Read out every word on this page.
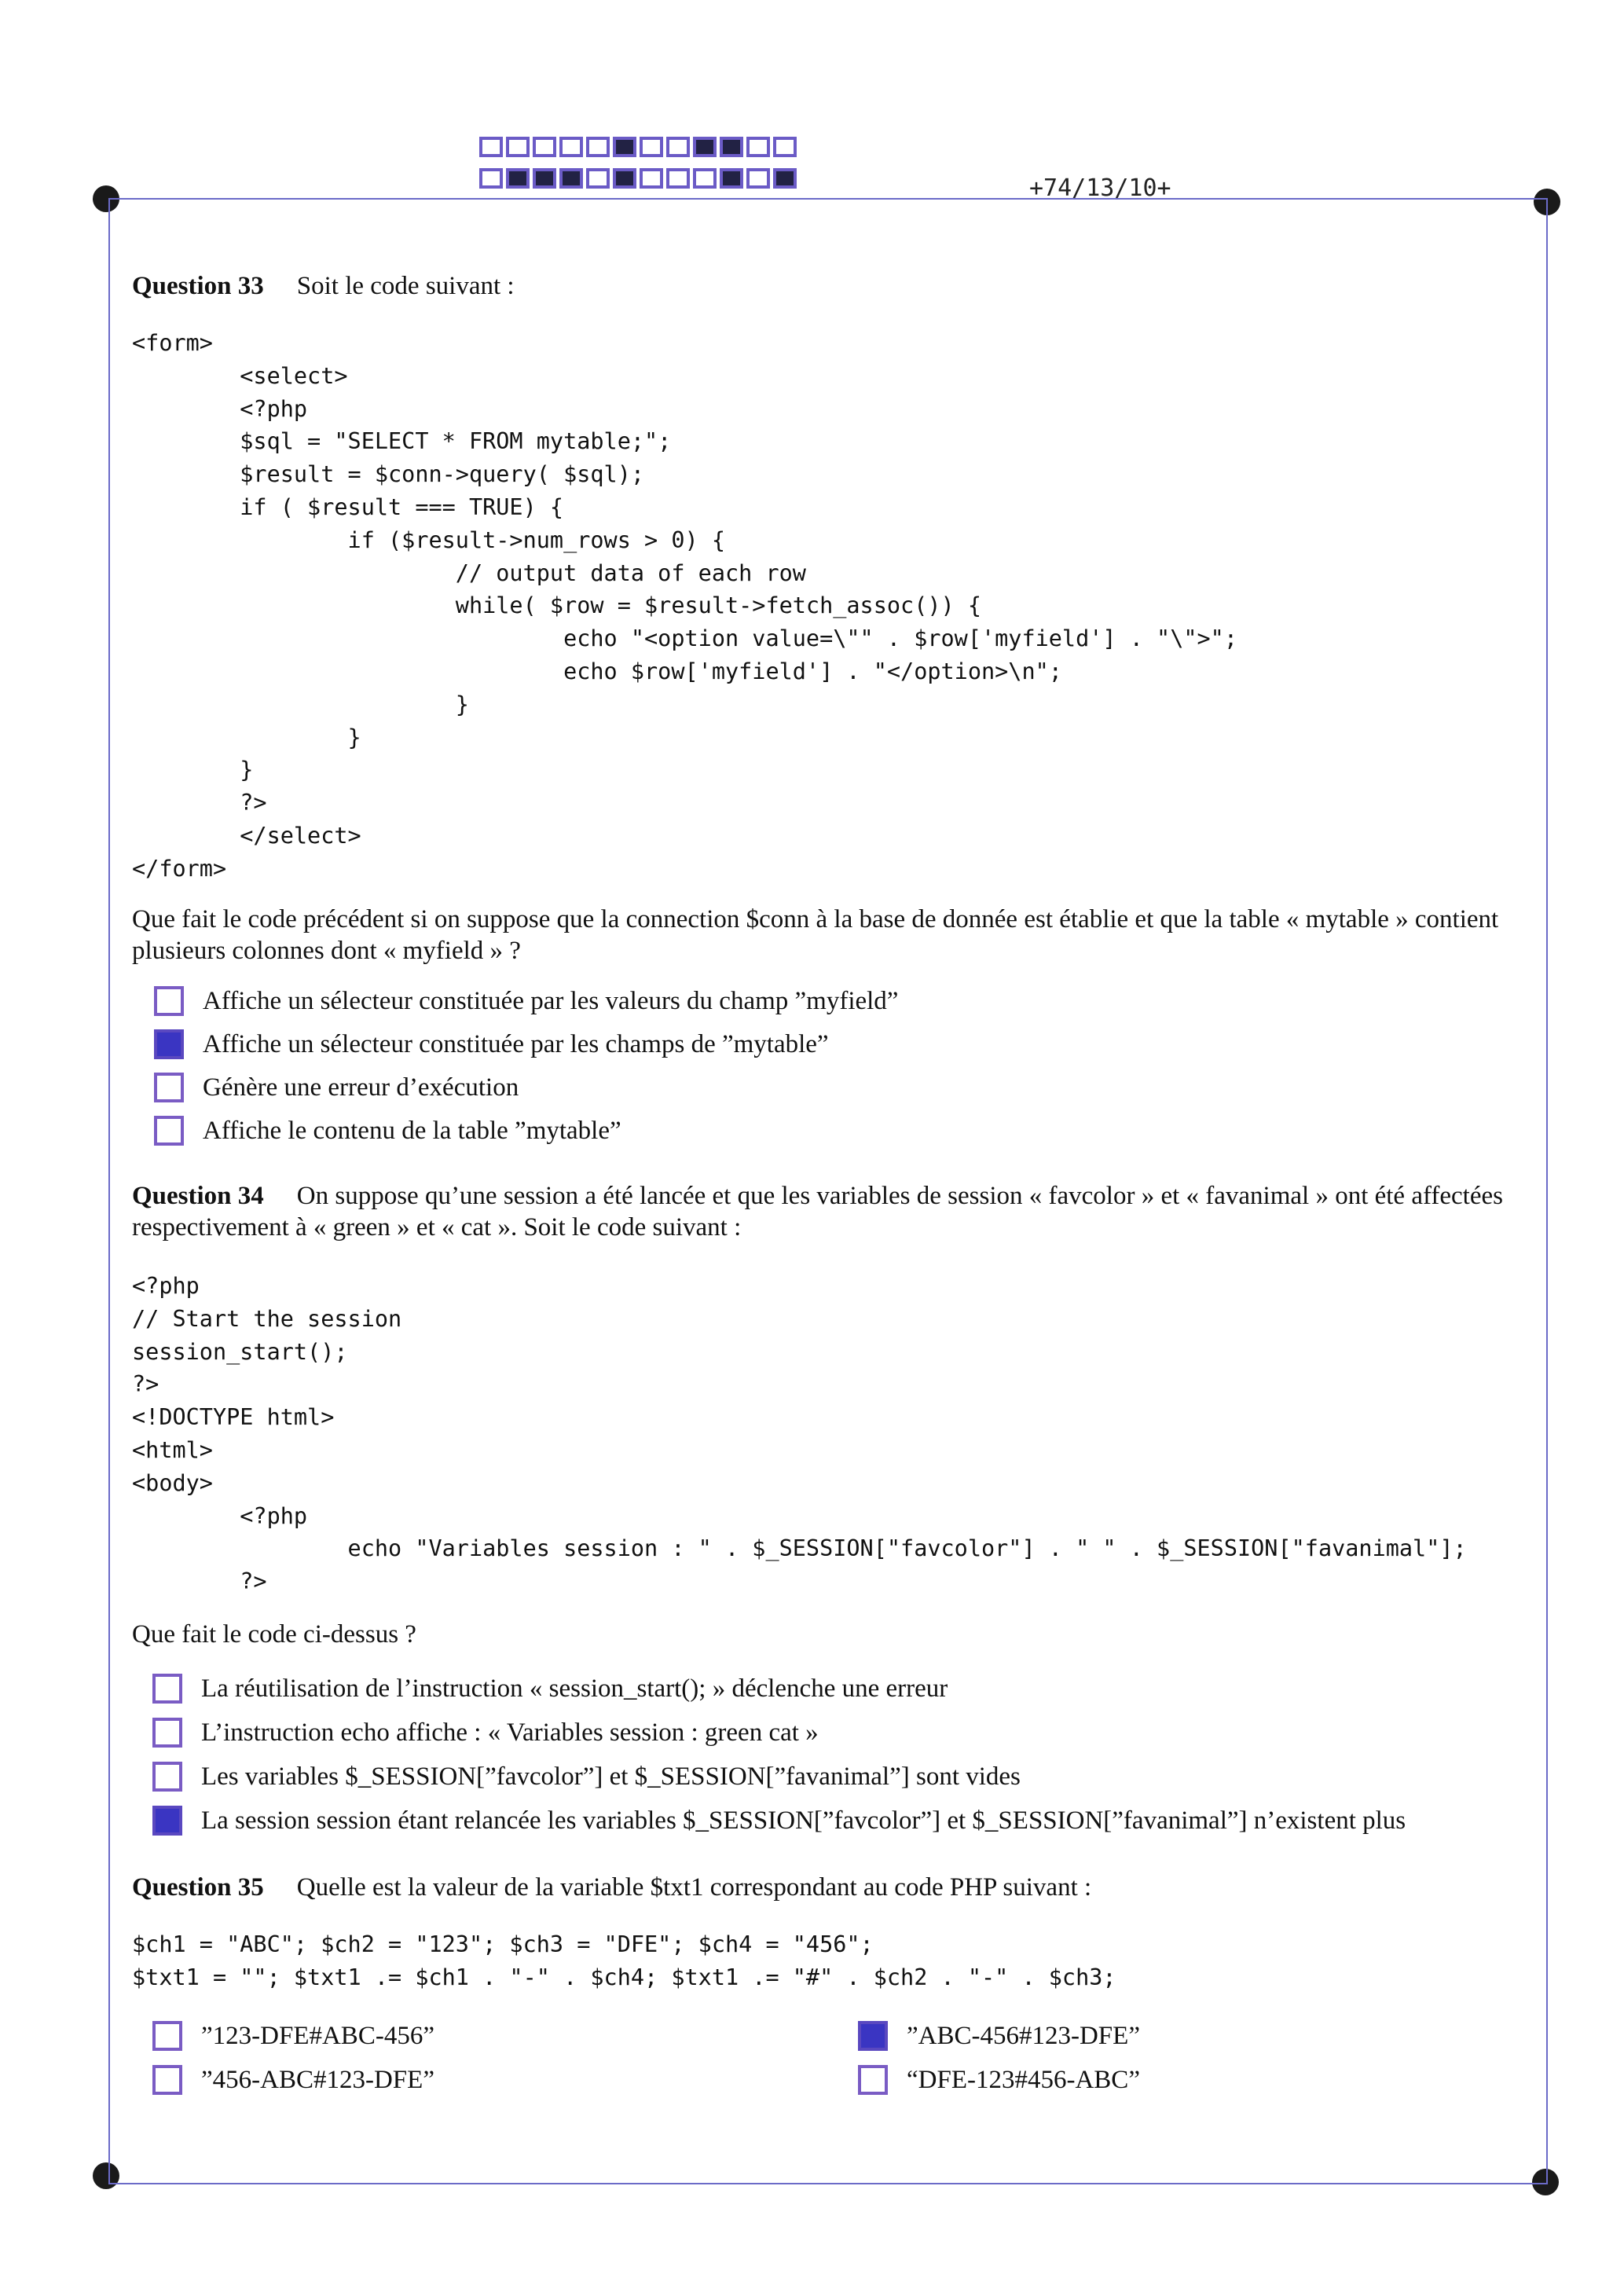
+74/13/10+
Question 33 Soit le code suivant :
<form>
<select>
<?php
$sql = "SELECT * FROM mytable;";
$result = $conn->query( $sql);
if ( $result === TRUE) {
if ($result->num_rows > 0) {
// output data of each row
while( $row = $result->fetch_assoc()) {
echo "<option value=\"" . $row['myfield'] . "\">";
echo $row['myfield'] . "</option>\n";
}
}
}
?>
</select>
</form>

Que fait le code précédent si on suppose que la connection $conn à la base de donnée est établie et que la table « mytable » contient plusieurs colonnes dont « myfield » ?

Affiche un sélecteur constituée par les valeurs du champ ”myfield”
Affiche un sélecteur constituée par les champs de ”mytable”
Génère une erreur d’exécution
Affiche le contenu de la table ”mytable”

Question 34 On suppose qu’une session a été lancée et que les variables de session « favcolor » et « favanimal » ont été affectées respectivement à « green » et « cat ». Soit le code suivant :

<?php
// Start the session
session_start();
?>
<!DOCTYPE html>
<html>
<body>
<?php
echo "Variables session : " . $_SESSION["favcolor"] . " " . $_SESSION["favanimal"];
?>

Que fait le code ci-dessus ?

La réutilisation de l’instruction « session_start(); » déclenche une erreur
L’instruction echo affiche : « Variables session : green cat »
Les variables $_SESSION[”favcolor”] et $_SESSION[”favanimal”] sont vides
La session session étant relancée les variables $_SESSION[”favcolor”] et $_SESSION[”favanimal”] n’existent plus
Question 35 Quelle est la valeur de la variable $txt1 correspondant au code PHP suivant :
$ch1 = "ABC"; $ch2 = "123"; $ch3 = "DFE"; $ch4 = "456";
$txt1 = ""; $txt1 .= $ch1 . "-" . $ch4; $txt1 .= "#" . $ch2 . "-" . $ch3;
”123-DFE#ABC-456”
”456-ABC#123-DFE”
”ABC-456#123-DFE”
“DFE-123#456-ABC”
